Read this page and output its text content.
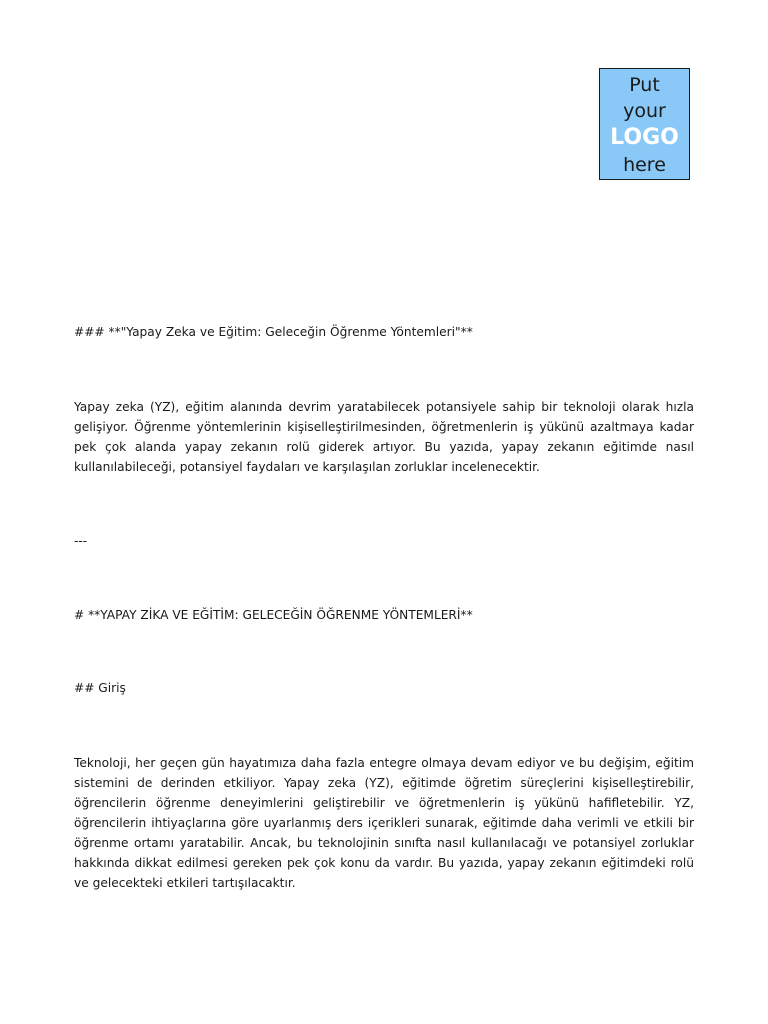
Put
your
LOGO
here

### **"Yapay Zeka ve Eğitim: Geleceğin Öğrenme Yöntemleri"**

Yapay zeka (YZ), eğitim alanında devrim yaratabilecek potansiyele sahip bir teknoloji olarak hızla gelişiyor. Öğrenme yöntemlerinin kişiselleştirilmesinden, öğretmenlerin iş yükünü azaltmaya kadar pek çok alanda yapay zekanın rolü giderek artıyor. Bu yazıda, yapay zekanın eğitimde nasıl kullanılabileceği, potansiyel faydaları ve karşılaşılan zorluklar incelenecektir.

---

# **YAPAY ZİKA VE EĞİTİM: GELECEĞİN ÖĞRENME YÖNTEMLERİ**

## Giriş

Teknoloji, her geçen gün hayatımıza daha fazla entegre olmaya devam ediyor ve bu değişim, eğitim sistemini de derinden etkiliyor. Yapay zeka (YZ), eğitimde öğretim süreçlerini kişiselleştirebilir, öğrencilerin öğrenme deneyimlerini geliştirebilir ve öğretmenlerin iş yükünü hafifletebilir. YZ, öğrencilerin ihtiyaçlarına göre uyarlanmış ders içerikleri sunarak, eğitimde daha verimli ve etkili bir öğrenme ortamı yaratabilir. Ancak, bu teknolojinin sınıfta nasıl kullanılacağı ve potansiyel zorluklar hakkında dikkat edilmesi gereken pek çok konu da vardır. Bu yazıda, yapay zekanın eğitimdeki rolü ve gelecekteki etkileri tartışılacaktır.
